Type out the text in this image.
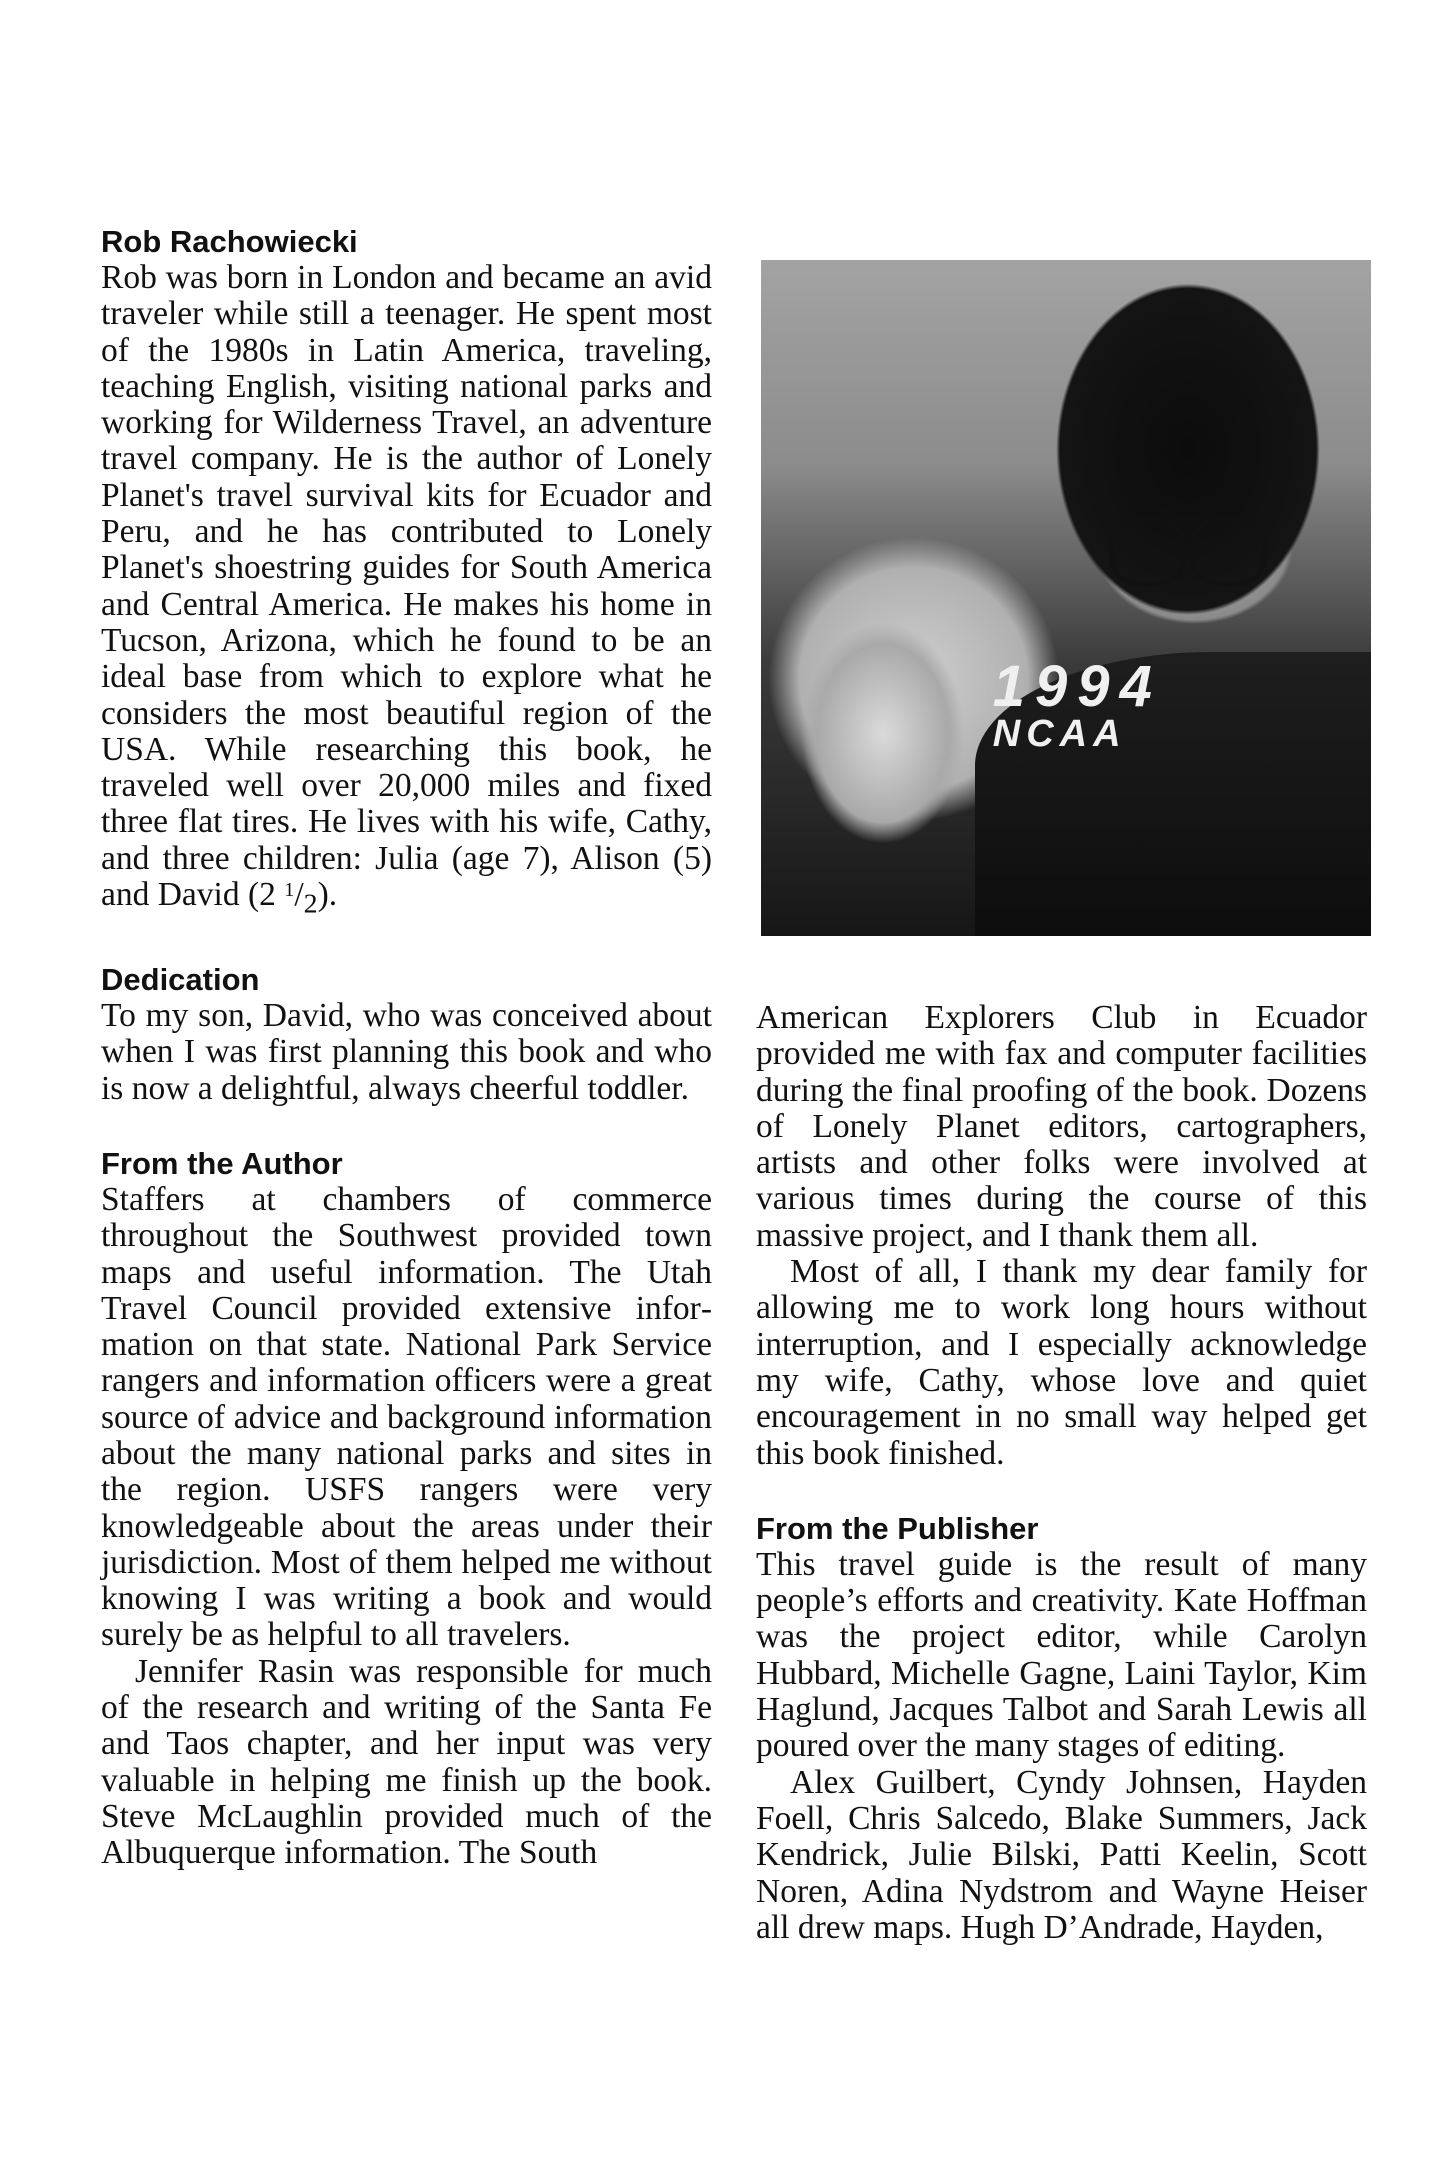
1994
NCAA
Rob Rachowiecki

Rob was born in London and became an avid traveler while still a teenager. He spent most of the 1980s in Latin America, traveling, teaching English, visiting national parks and working for Wilderness Travel, an adventure travel company. He is the author of Lonely Planet's travel survival kits for Ecuador and Peru, and he has contributed to Lonely Planet's shoestring guides for South America and Central America. He makes his home in Tucson, Arizona, which he found to be an ideal base from which to explore what he considers the most beautiful region of the USA. While researching this book, he traveled well over 20,000 miles and fixed three flat tires. He lives with his wife, Cathy, and three children: Julia (age 7), Alison (5) and David (2 $^1/_2$).

Dedication

To my son, David, who was conceived about when I was first planning this book and who is now a delightful, always cheerful toddler.

From the Author

Staffers at chambers of commerce throughout the Southwest provided town maps and useful information. The Utah Travel Council provided extensive information on that state. National Park Service rangers and information officers were a great source of advice and background information about the many national parks and sites in the region. USFS rangers were very knowledgeable about the areas under their jurisdiction. Most of them helped me without knowing I was writing a book and would surely be as helpful to all travelers.

Jennifer Rasin was responsible for much of the research and writing of the Santa Fe and Taos chapter, and her input was very valuable in helping me finish up the book. Steve McLaughlin provided much of the Albuquerque information. The South

American Explorers Club in Ecuador provided me with fax and computer facilities during the final proofing of the book. Dozens of Lonely Planet editors, cartographers, artists and other folks were involved at various times during the course of this massive project, and I thank them all.

Most of all, I thank my dear family for allowing me to work long hours without interruption, and I especially acknowledge my wife, Cathy, whose love and quiet encouragement in no small way helped get this book finished.

From the Publisher

This travel guide is the result of many people’s efforts and creativity. Kate Hoffman was the project editor, while Carolyn Hubbard, Michelle Gagne, Laini Taylor, Kim Haglund, Jacques Talbot and Sarah Lewis all poured over the many stages of editing.

Alex Guilbert, Cyndy Johnsen, Hayden Foell, Chris Salcedo, Blake Summers, Jack Kendrick, Julie Bilski, Patti Keelin, Scott Noren, Adina Nydstrom and Wayne Heiser all drew maps. Hugh D’Andrade, Hayden,
